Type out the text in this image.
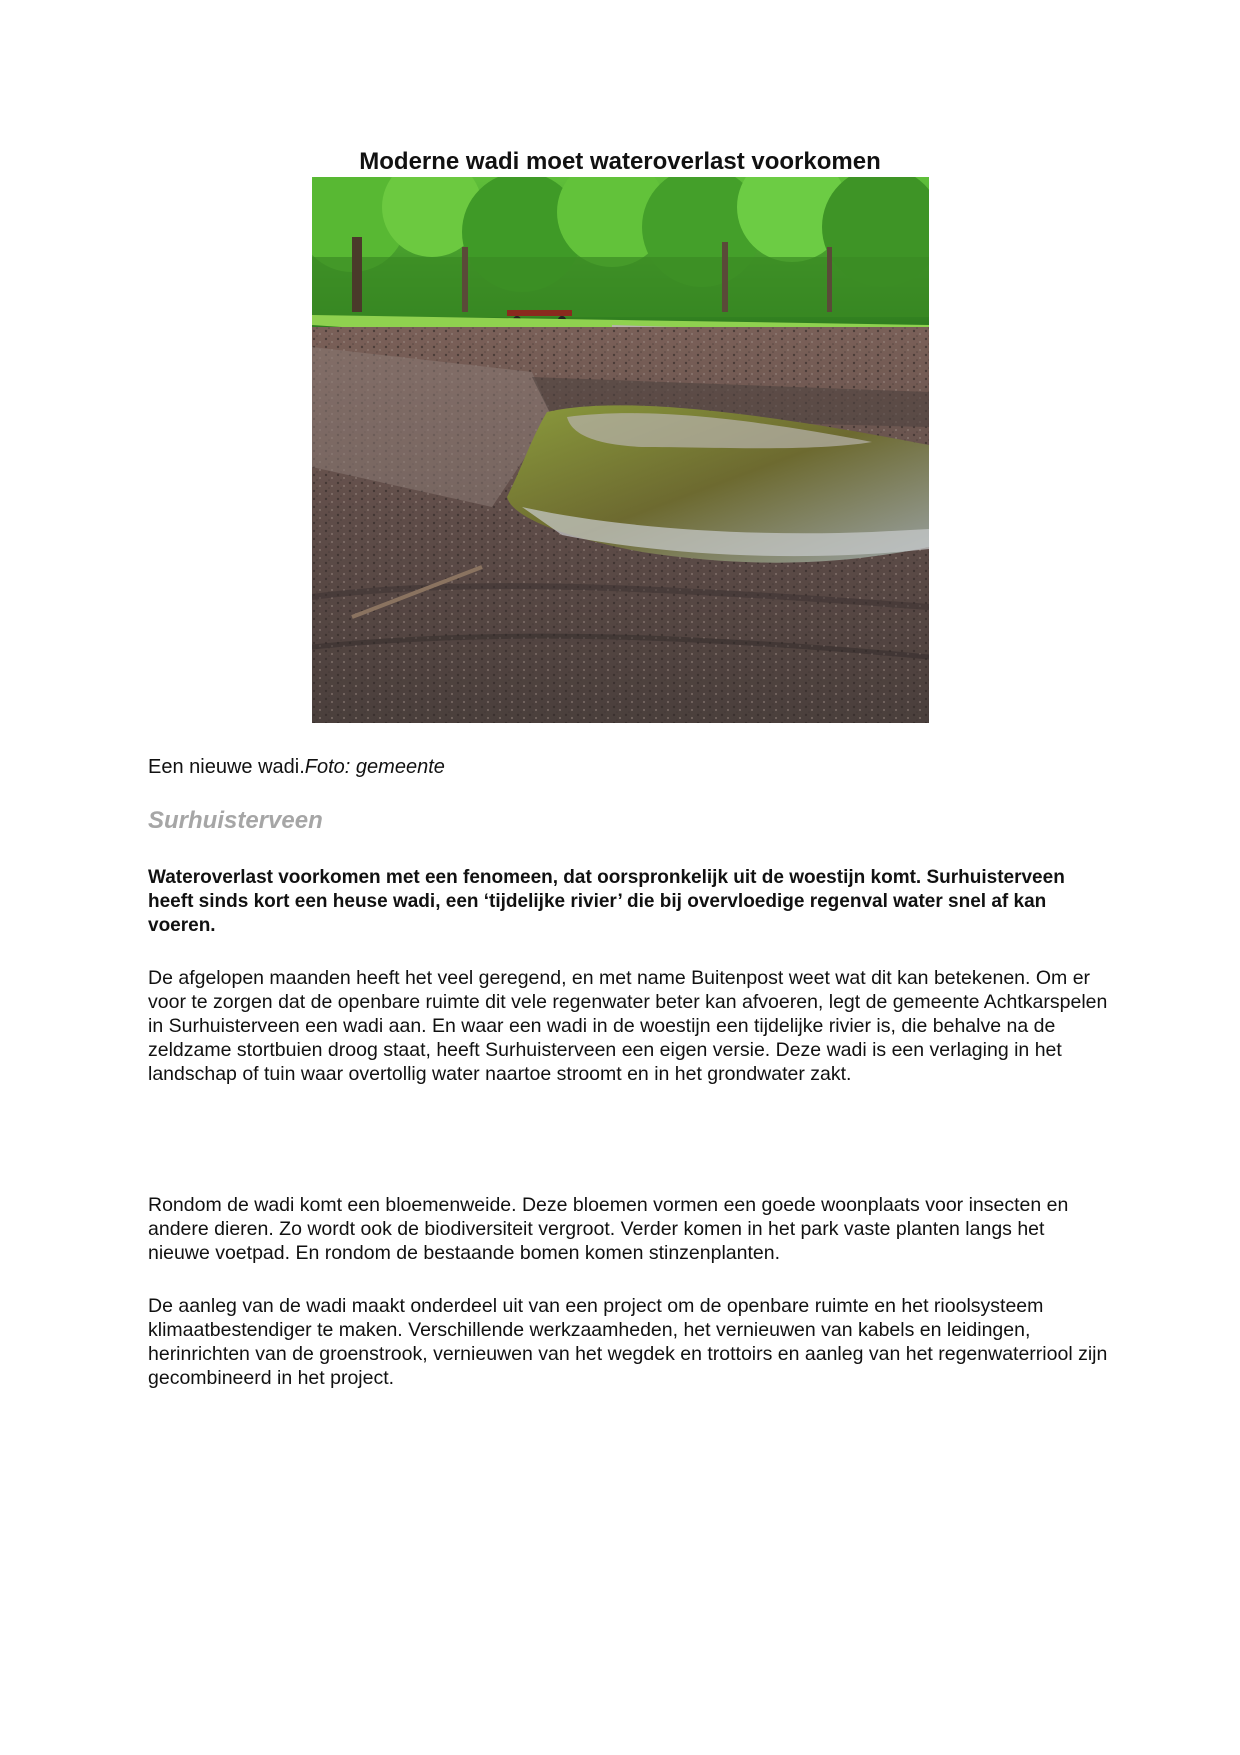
Moderne wadi moet wateroverlast voorkomen

Een nieuwe wadi.Foto: gemeente

Surhuisterveen

Wateroverlast voorkomen met een fenomeen, dat oorspronkelijk uit de woestijn komt. Surhuisterveen heeft sinds kort een heuse wadi, een ‘tijdelijke rivier’ die bij overvloedige regenval water snel af kan voeren.

De afgelopen maanden heeft het veel geregend, en met name Buitenpost weet wat dit kan betekenen. Om er voor te zorgen dat de openbare ruimte dit vele regenwater beter kan afvoeren, legt de gemeente Achtkarspelen in Surhuisterveen een wadi aan. En waar een wadi in de woestijn een tijdelijke rivier is, die behalve na de zeldzame stortbuien droog staat, heeft Surhuisterveen een eigen versie. Deze wadi is een verlaging in het landschap of tuin waar overtollig water naartoe stroomt en in het grondwater zakt.

Rondom de wadi komt een bloemenweide. Deze bloemen vormen een goede woonplaats voor insecten en andere dieren. Zo wordt ook de biodiversiteit vergroot. Verder komen in het park vaste planten langs het nieuwe voetpad. En rondom de bestaande bomen komen stinzenplanten.

De aanleg van de wadi maakt onderdeel uit van een project om de openbare ruimte en het rioolsysteem klimaatbestendiger te maken. Verschillende werkzaamheden, het vernieuwen van kabels en leidingen, herinrichten van de groenstrook, vernieuwen van het wegdek en trottoirs en aanleg van het regenwaterriool zijn gecombineerd in het project.
